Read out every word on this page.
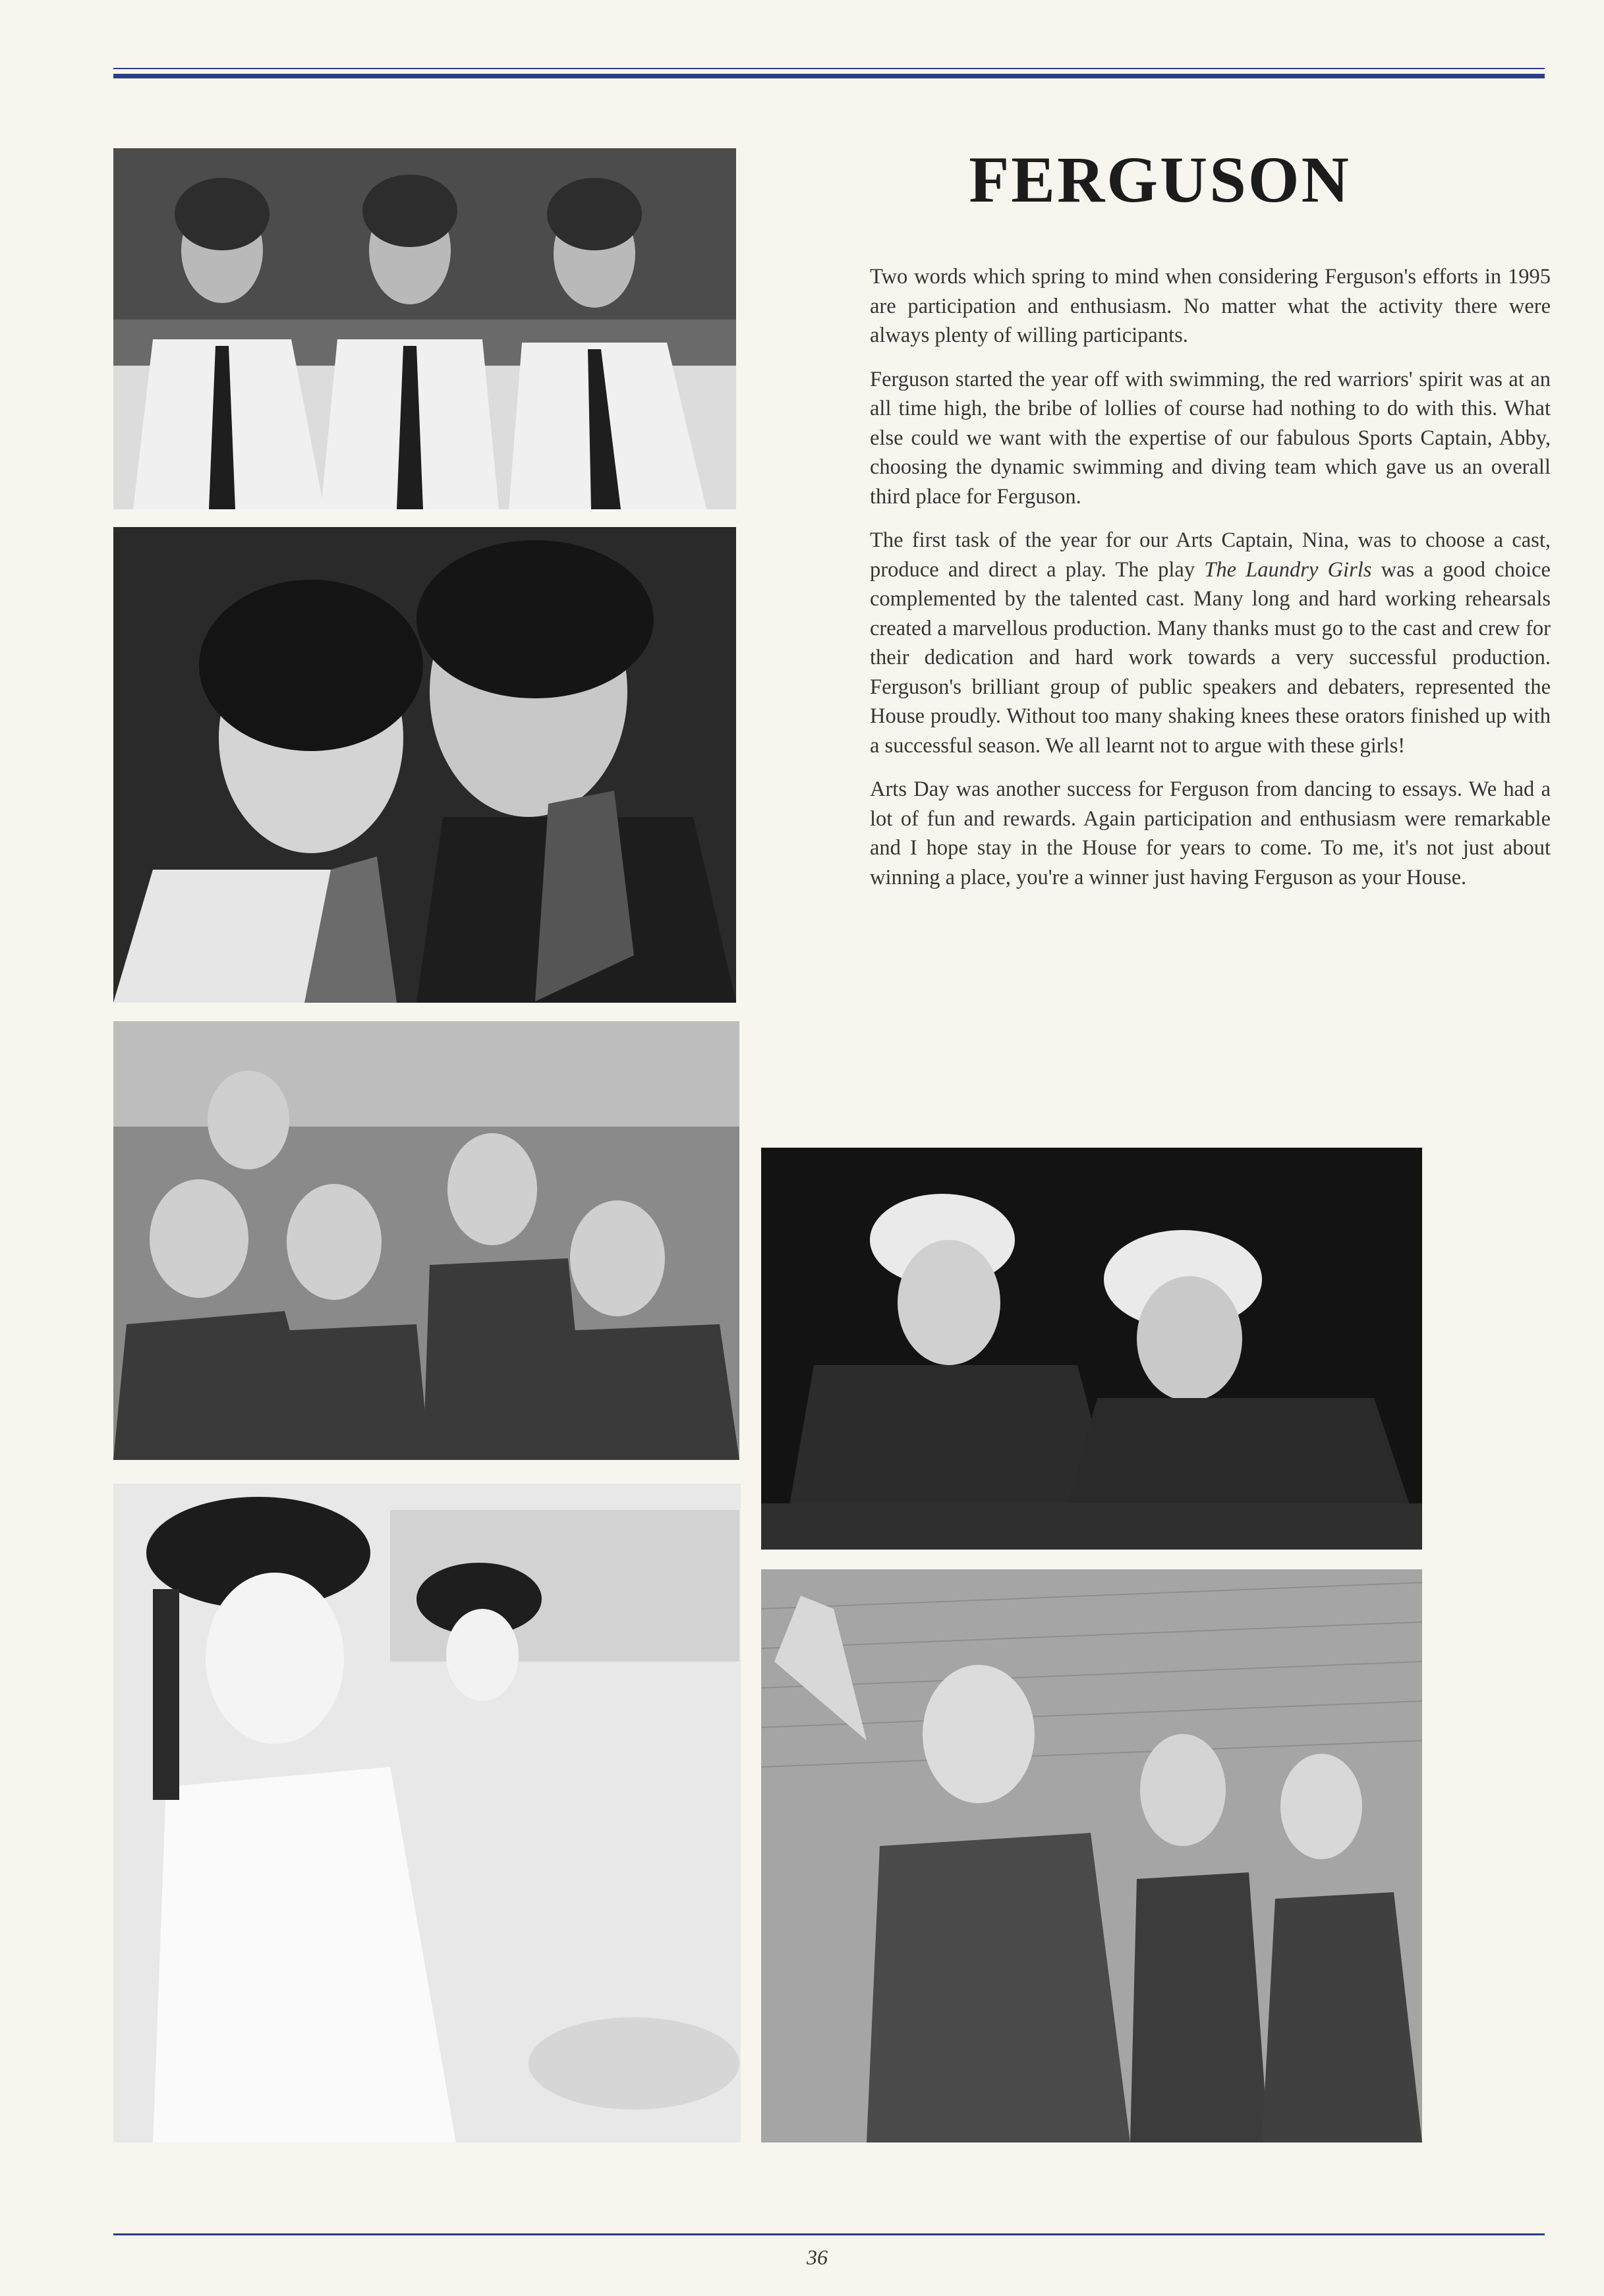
FERGUSON

Two words which spring to mind when considering Ferguson's efforts in 1995 are participation and enthusiasm. No matter what the activity there were always plenty of willing participants.

Ferguson started the year off with swimming, the red warriors' spirit was at an all time high, the bribe of lollies of course had nothing to do with this. What else could we want with the expertise of our fabulous Sports Captain, Abby, choosing the dynamic swimming and diving team which gave us an overall third place for Ferguson.

The first task of the year for our Arts Captain, Nina, was to choose a cast, produce and direct a play. The play The Laundry Girls was a good choice complemented by the talented cast. Many long and hard working rehearsals created a marvellous production. Many thanks must go to the cast and crew for their dedication and hard work towards a very successful production. Ferguson's brilliant group of public speakers and debaters, represented the House proudly. Without too many shaking knees these orators finished up with a successful season. We all learnt not to argue with these girls!

Arts Day was another success for Ferguson from dancing to essays. We had a lot of fun and rewards. Again participation and enthusiasm were remarkable and I hope stay in the House for years to come. To me, it's not just about winning a place, you're a winner just having Ferguson as your House.

36
